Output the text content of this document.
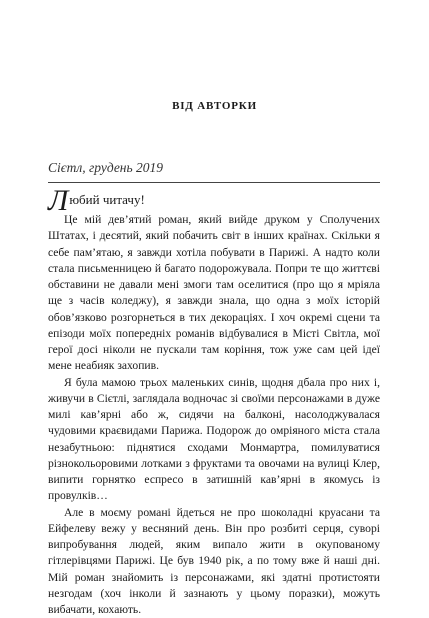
ВІД АВТОРКИ
Сієтл, грудень 2019
Любий читачу!

Це мій дев’ятий роман, який вийде друком у Сполучених Штатах, і десятий, який побачить світ в інших країнах. Скільки я себе пам’ятаю, я завжди хотіла побувати в Парижі. А надто коли стала письменницею й багато подорожувала. Попри те що життєві обставини не давали мені змоги там оселитися (про що я мріяла ще з часів коледжу), я завжди знала, що одна з моїх історій обов’язково розгорнеться в тих декораціях. І хоч окремі сцени та епізоди моїх попередніх романів відбувалися в Місті Світла, мої герої досі ніколи не пускали там коріння, тож уже сам цей ідеї мене неабияк захопив.

Я була мамою трьох маленьких синів, щодня дбала про них і, живучи в Сієтлі, заглядала водночас зі своїми персонажами в дуже милі кав’ярні або ж, сидячи на балконі, насолоджувалася чудовими краєвидами Парижа. Подорож до омріяного міста стала незабутньою: піднятися сходами Монмартра, помилуватися різнокольоровими лотками з фруктами та овочами на вулиці Клер, випити горнятко еспресо в затишній кав’ярні в якомусь із провулків…

Але в моєму романі йдеться не про шоколадні круасани та Ейфелеву вежу у весняний день. Він про розбиті серця, суворі випробування людей, яким випало жити в окупованому гітлерівцями Парижі. Це був 1940 рік, а по тому вже й наші дні. Мій роман знайомить із персонажами, які здатні протистояти незгодам (хоч інколи й зазнають у цьому поразки), можуть вибачати, кохають.
